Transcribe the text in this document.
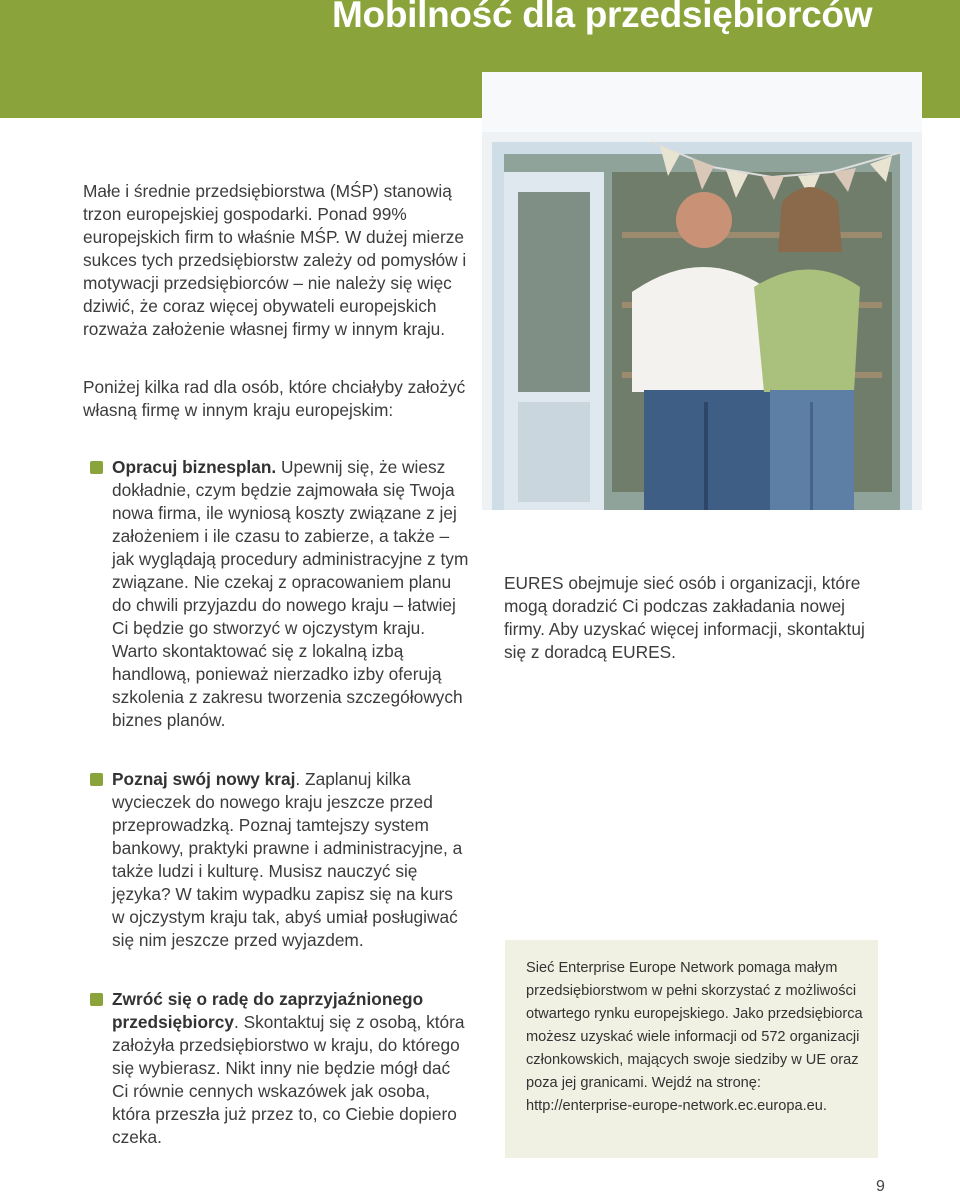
Mobilność dla przedsiębiorców

Małe i średnie przedsiębiorstwa (MŚP) stanowią trzon europejskiej gospodarki. Ponad 99% europejskich firm to właśnie MŚP. W dużej mierze sukces tych przedsiębiorstw zależy od pomysłów i motywacji przedsiębiorców – nie należy się więc dziwić, że coraz więcej obywateli europejskich rozważa założenie własnej firmy w innym kraju.

Poniżej kilka rad dla osób, które chciałyby założyć własną firmę w innym kraju europejskim:

Opracuj biznesplan. Upewnij się, że wiesz dokładnie, czym będzie zajmowała się Twoja nowa firma, ile wyniosą koszty związane z jej założeniem i ile czasu to zabierze, a także – jak wyglądają procedury administracyjne z tym związane. Nie czekaj z opracowaniem planu do chwili przyjazdu do nowego kraju – łatwiej Ci będzie go stworzyć w ojczystym kraju. Warto skontaktować się z lokalną izbą handlową, ponieważ nierzadko izby oferują szkolenia z zakresu tworzenia szczegółowych biznes planów.
Poznaj swój nowy kraj. Zaplanuj kilka wycieczek do nowego kraju jeszcze przed przeprowadzką. Poznaj tamtejszy system bankowy, praktyki prawne i administracyjne, a także ludzi i kulturę. Musisz nauczyć się języka? W takim wypadku zapisz się na kurs w ojczystym kraju tak, abyś umiał posługiwać się nim jeszcze przed wyjazdem.
Zwróć się o radę do zaprzyjaźnionego przedsiębiorcy. Skontaktuj się z osobą, która założyła przedsiębiorstwo w kraju, do którego się wybierasz. Nikt inny nie będzie mógł dać Ci równie cennych wskazówek jak osoba, która przeszła już przez to, co Ciebie dopiero czeka.

EURES obejmuje sieć osób i organizacji, które mogą doradzić Ci podczas zakładania nowej firmy. Aby uzyskać więcej informacji, skontaktuj się z doradcą EURES.

Sieć Enterprise Europe Network pomaga małym przedsiębiorstwom w pełni skorzystać z możliwości otwartego rynku europejskiego. Jako przedsiębiorca możesz uzyskać wiele informacji od 572 organizacji członkowskich, mających swoje siedziby w UE oraz poza jej granicami. Wejdź na stronę: http://enterprise-europe-network.ec.europa.eu.

9
